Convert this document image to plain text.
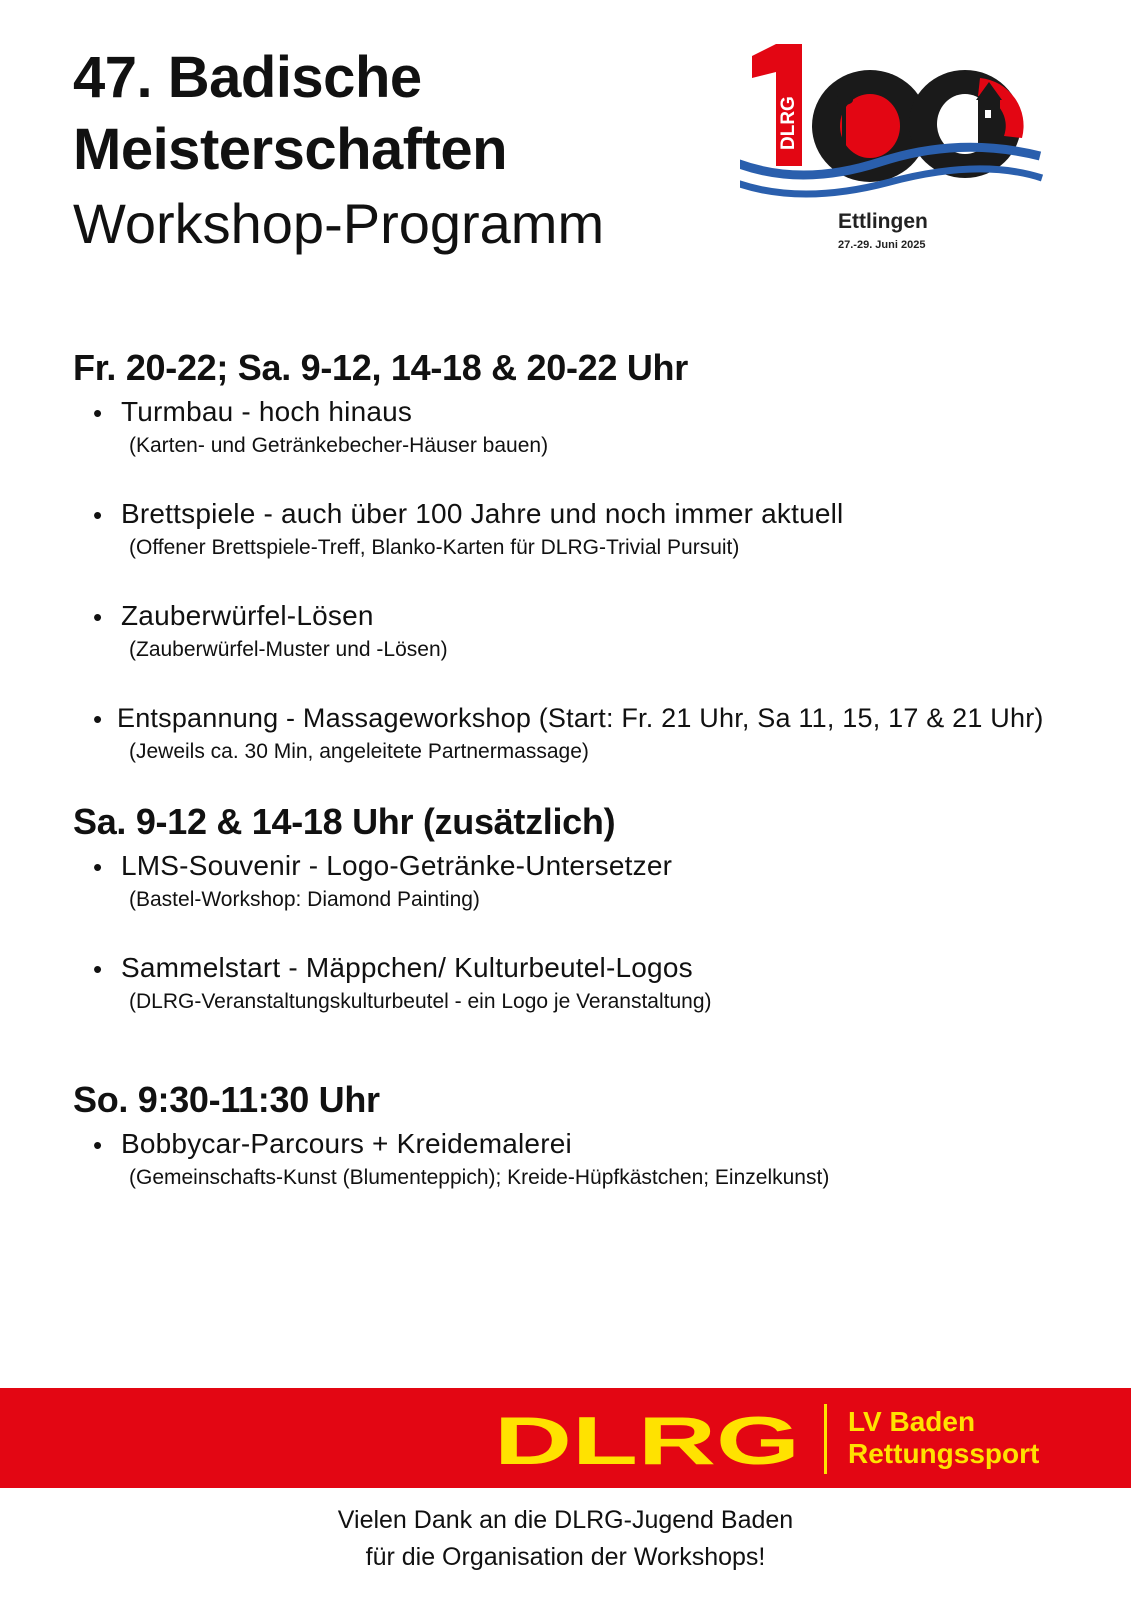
47. Badische
Meisterschaften
Workshop-Programm
DLRG
Ettlingen
27.-29. Juni 2025
Fr. 20-22; Sa. 9-12, 14-18 & 20-22 Uhr
• Turmbau - hoch hinaus
(Karten- und Getränkebecher-Häuser bauen)
• Brettspiele - auch über 100 Jahre und noch immer aktuell
(Offener Brettspiele-Treff, Blanko-Karten für DLRG-Trivial Pursuit)
• Zauberwürfel-Lösen
(Zauberwürfel-Muster und -Lösen)
• Entspannung - Massageworkshop (Start: Fr. 21 Uhr, Sa 11, 15, 17 & 21 Uhr)
(Jeweils ca. 30 Min, angeleitete Partnermassage)
Sa. 9-12 & 14-18 Uhr (zusätzlich)
• LMS-Souvenir - Logo-Getränke-Untersetzer
(Bastel-Workshop: Diamond Painting)
• Sammelstart - Mäppchen/ Kulturbeutel-Logos
(DLRG-Veranstaltungskulturbeutel - ein Logo je Veranstaltung)
So. 9:30-11:30 Uhr
• Bobbycar-Parcours + Kreidemalerei
(Gemeinschafts-Kunst (Blumenteppich); Kreide-Hüpfkästchen; Einzelkunst)
DLRG LV Baden
Rettungssport
Vielen Dank an die DLRG-Jugend Baden
für die Organisation der Workshops!
